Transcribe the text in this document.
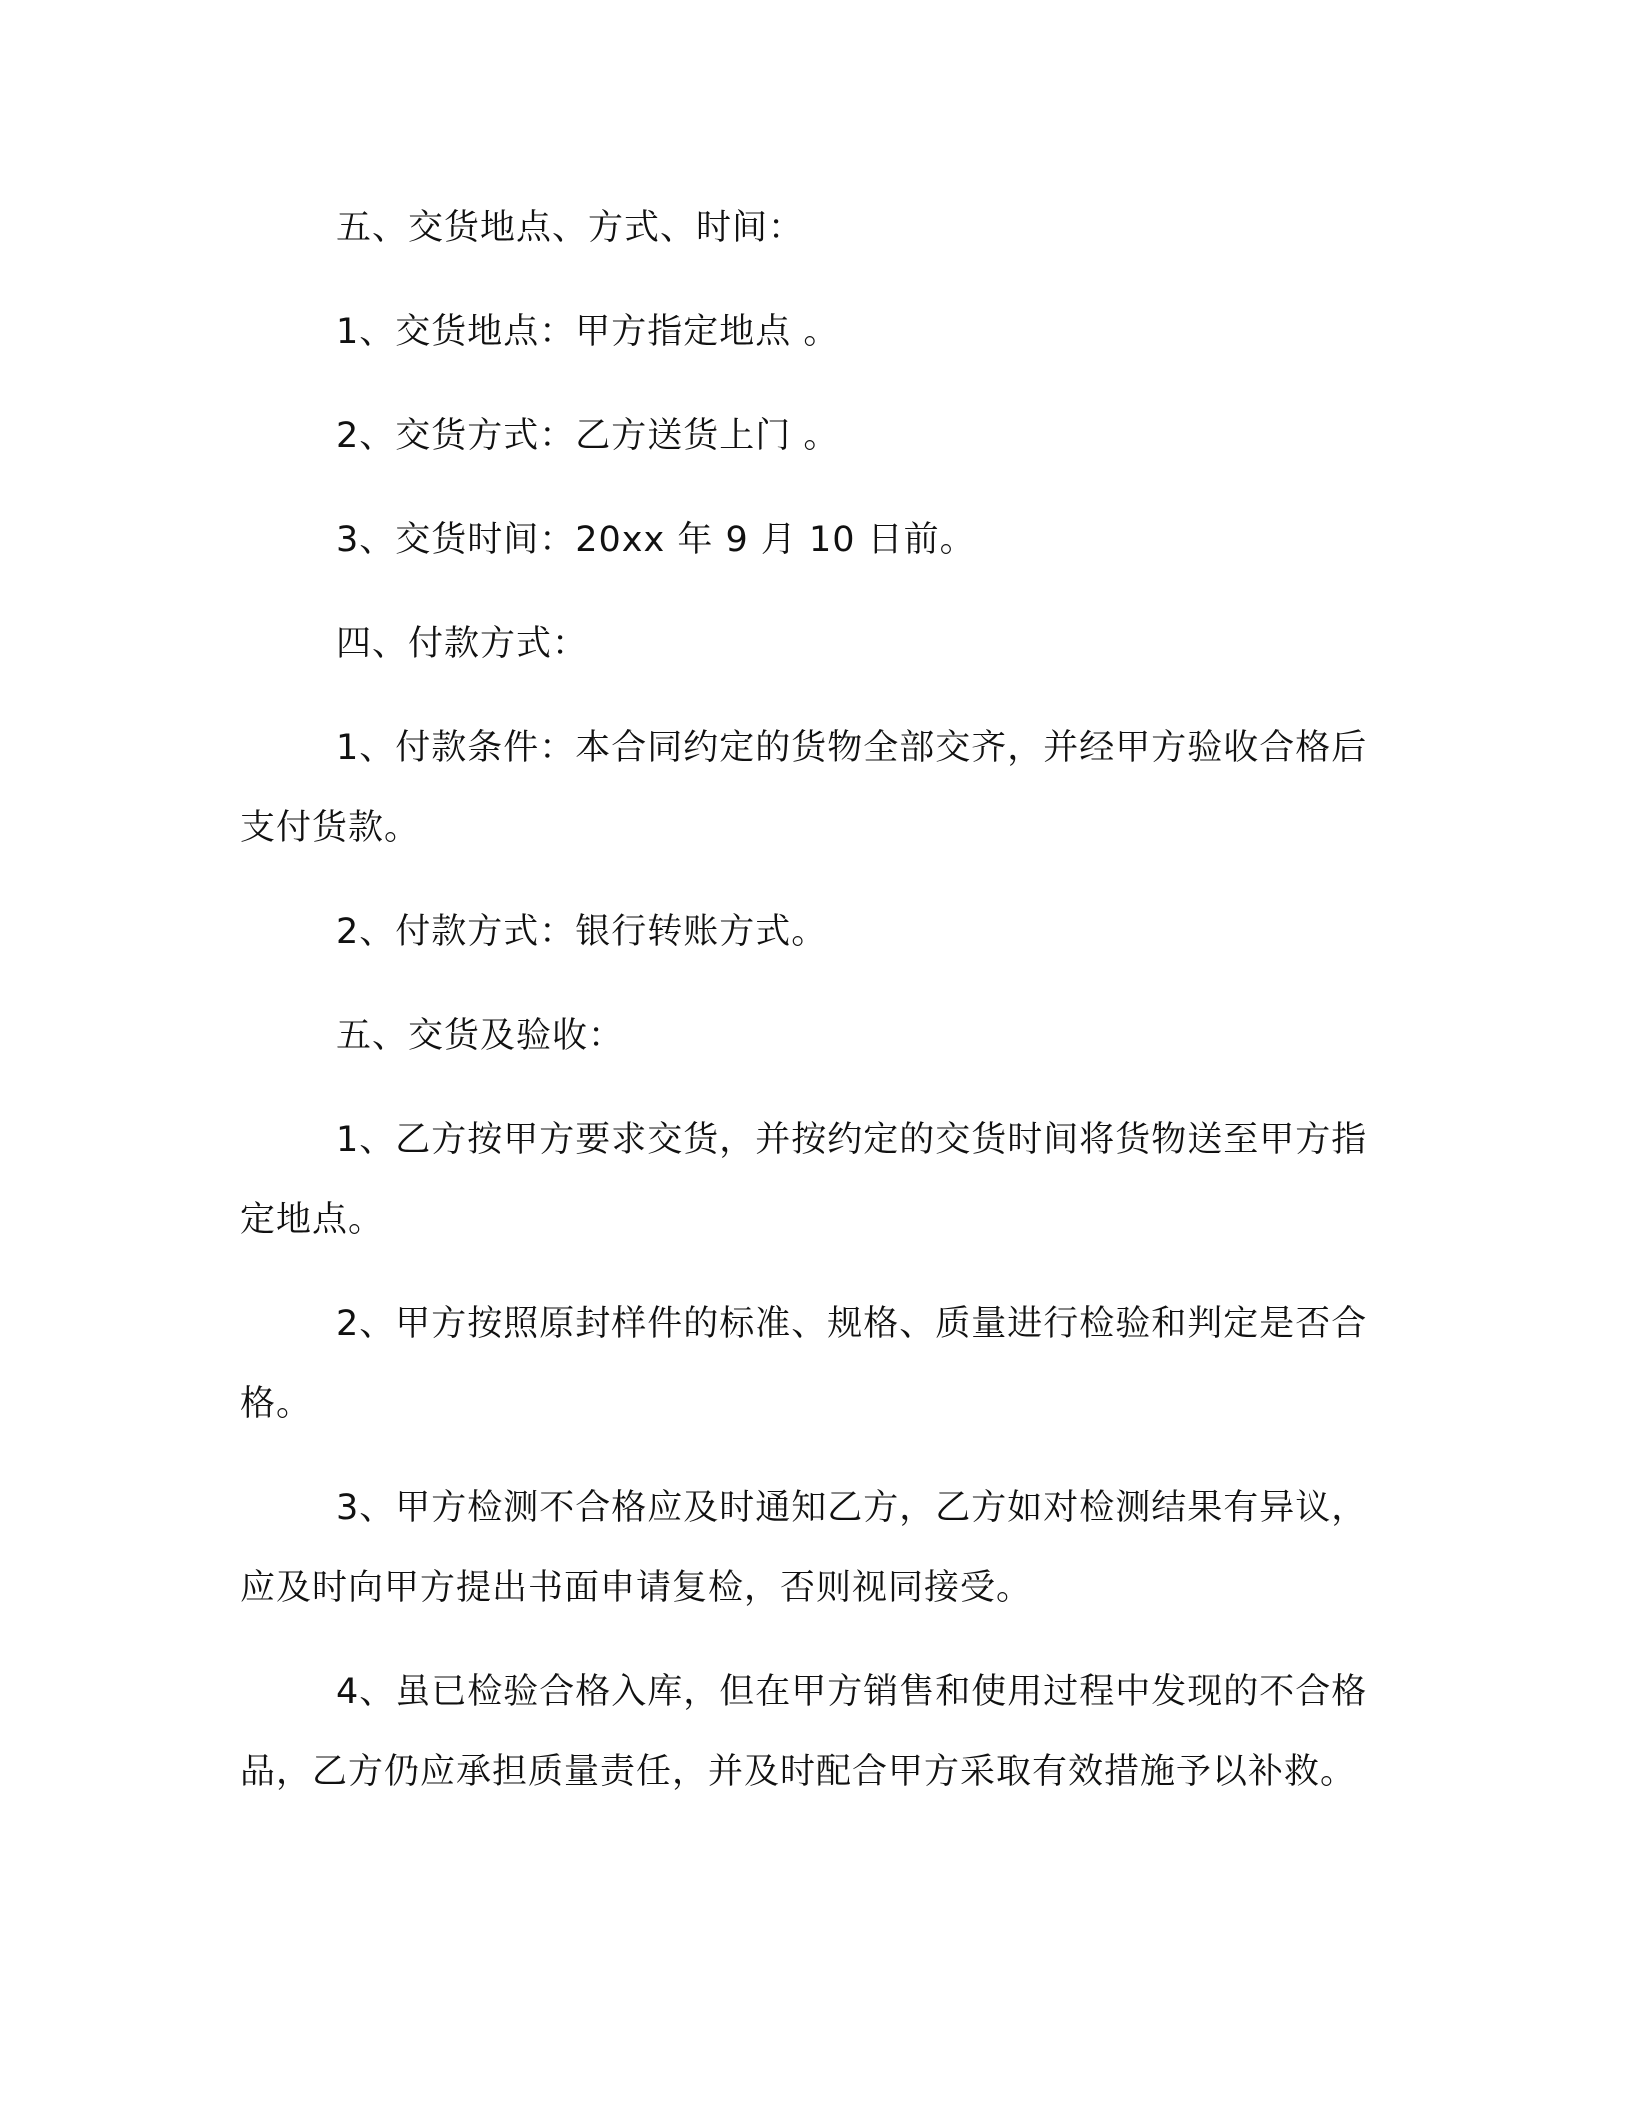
五、交货地点、方式、时间：

1、交货地点：甲方指定地点 。

2、交货方式：乙方送货上门 。

3、交货时间：20xx 年 9 月 10 日前。

四、付款方式：

1、付款条件：本合同约定的货物全部交齐，并经甲方验收合格后支付货款。

2、付款方式：银行转账方式。

五、交货及验收：

1、乙方按甲方要求交货，并按约定的交货时间将货物送至甲方指定地点。

2、甲方按照原封样件的标准、规格、质量进行检验和判定是否合格。

3、甲方检测不合格应及时通知乙方，乙方如对检测结果有异议，应及时向甲方提出书面申请复检，否则视同接受。

4、虽已检验合格入库，但在甲方销售和使用过程中发现的不合格品，乙方仍应承担质量责任，并及时配合甲方采取有效措施予以补救。
